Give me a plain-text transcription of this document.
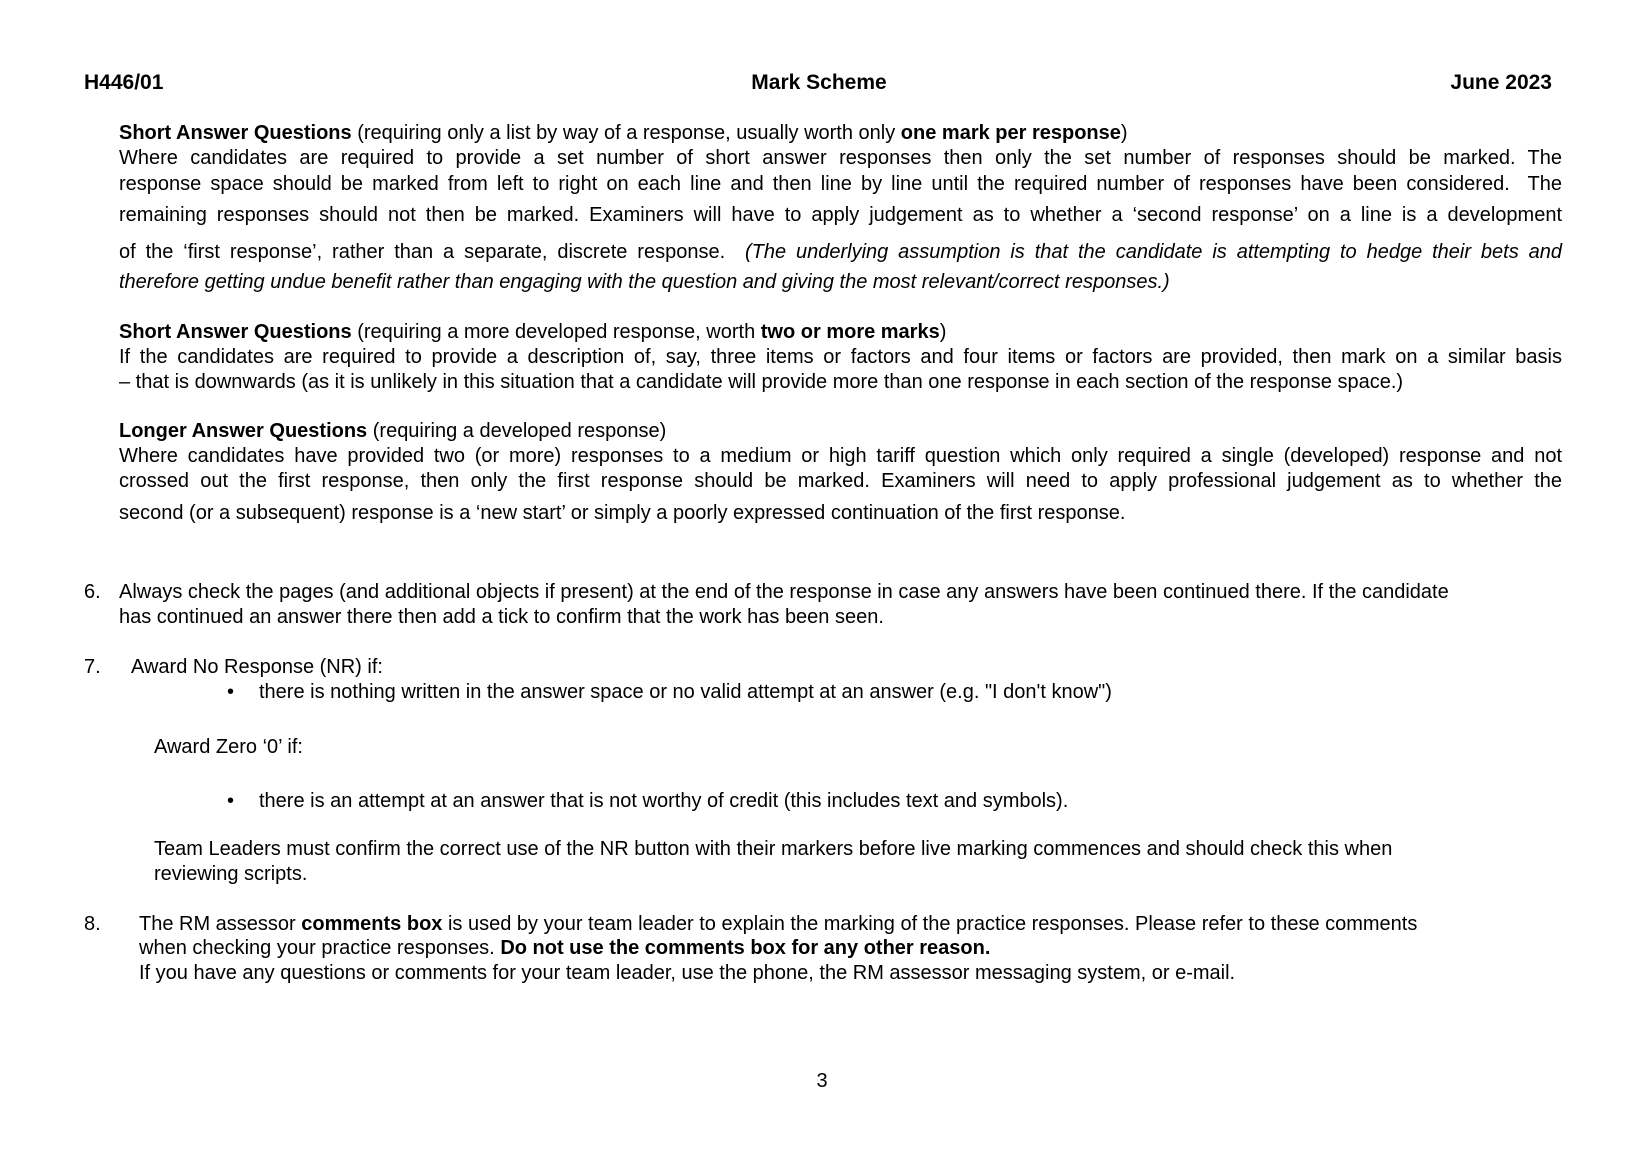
H446/01	Mark Scheme	June 2023
Short Answer Questions (requiring only a list by way of a response, usually worth only one mark per response)
Where candidates are required to provide a set number of short answer responses then only the set number of responses should be marked. The
response space should be marked from left to right on each line and then line by line until the required number of responses have been considered.  The
remaining responses should not then be marked. Examiners will have to apply judgement as to whether a ‘second response’ on a line is a development
of the ‘first response’, rather than a separate, discrete response.  (The underlying assumption is that the candidate is attempting to hedge their bets and
therefore getting undue benefit rather than engaging with the question and giving the most relevant/correct responses.)
Short Answer Questions (requiring a more developed response, worth two or more marks)
If the candidates are required to provide a description of, say, three items or factors and four items or factors are provided, then mark on a similar basis
– that is downwards (as it is unlikely in this situation that a candidate will provide more than one response in each section of the response space.)
Longer Answer Questions (requiring a developed response)
Where candidates have provided two (or more) responses to a medium or high tariff question which only required a single (developed) response and not
crossed out the first response, then only the first response should be marked. Examiners will need to apply professional judgement as to whether the
second (or a subsequent) response is a ‘new start’ or simply a poorly expressed continuation of the first response.
6. Always check the pages (and additional objects if present) at the end of the response in case any answers have been continued there. If the candidate
has continued an answer there then add a tick to confirm that the work has been seen.
7. Award No Response (NR) if:
• there is nothing written in the answer space or no valid attempt at an answer (e.g. "I don't know")
Award Zero ‘0’ if:
• there is an attempt at an answer that is not worthy of credit (this includes text and symbols).
Team Leaders must confirm the correct use of the NR button with their markers before live marking commences and should check this when
reviewing scripts.
8. The RM assessor comments box is used by your team leader to explain the marking of the practice responses. Please refer to these comments
when checking your practice responses. Do not use the comments box for any other reason.
If you have any questions or comments for your team leader, use the phone, the RM assessor messaging system, or e-mail.
3
